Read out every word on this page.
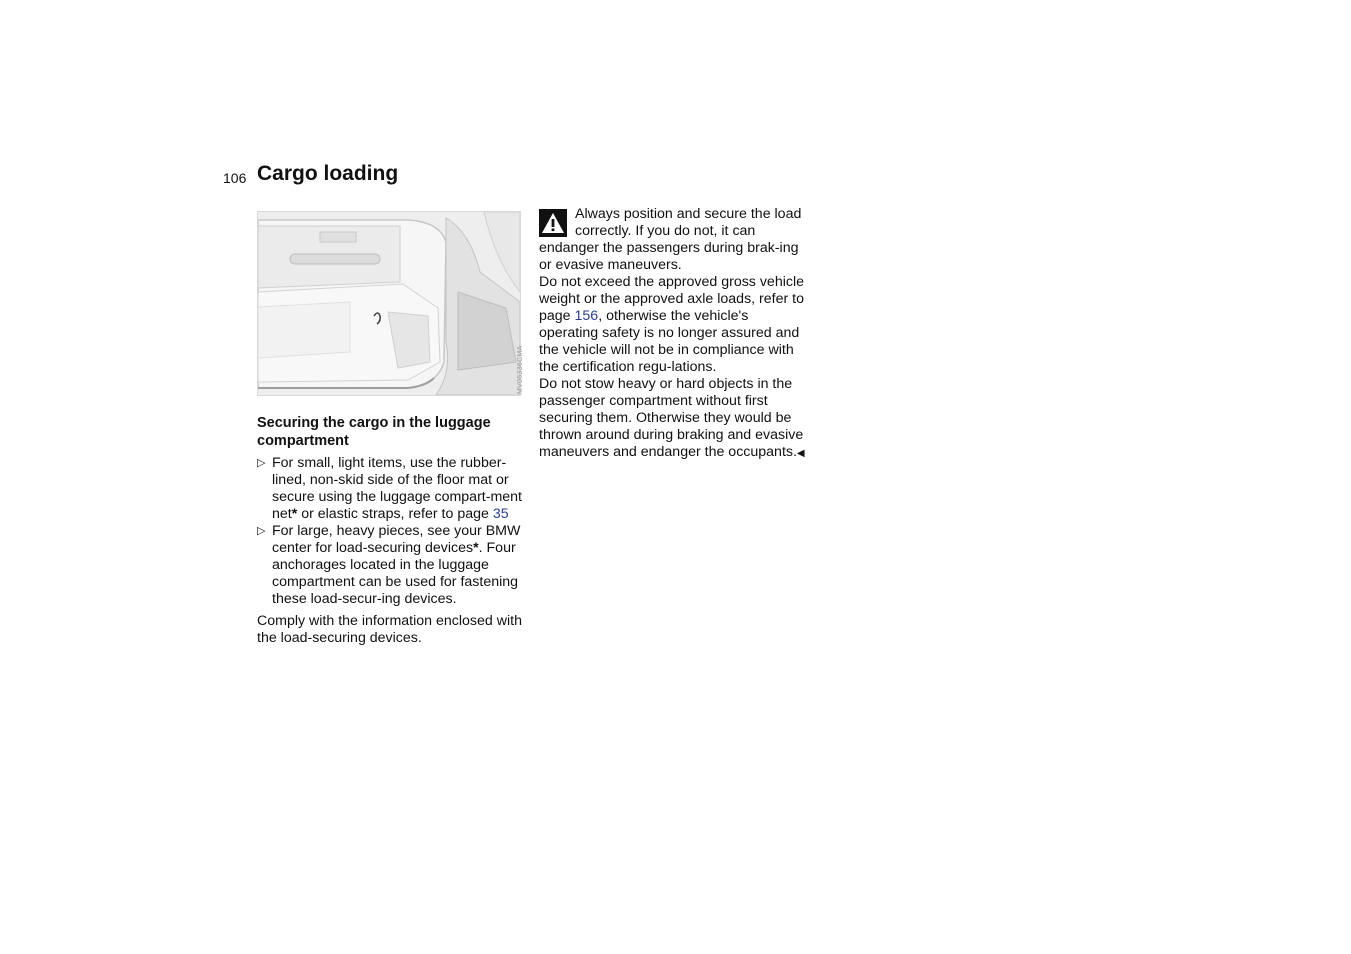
106 Cargo loading
MV06336CMA
Securing the cargo in the luggage compartment
▷ For small, light items, use the rubber-lined, non-skid side of the floor mat or secure using the luggage compart-ment net* or elastic straps, refer to page 35
▷ For large, heavy pieces, see your BMW center for load-securing devices*. Four anchorages located in the luggage compartment can be used for fastening these load-secur-ing devices.

Comply with the information enclosed with the load-securing devices.

Always position and secure the load correctly. If you do not, it can endanger the passengers during brak-ing or evasive maneuvers.

Do not exceed the approved gross vehicle weight or the approved axle loads, refer to page 156, otherwise the vehicle's operating safety is no longer assured and the vehicle will not be in compliance with the certification regu-lations.

Do not stow heavy or hard objects in the passenger compartment without first securing them. Otherwise they would be thrown around during braking and evasive maneuvers and endanger the occupants.◀
